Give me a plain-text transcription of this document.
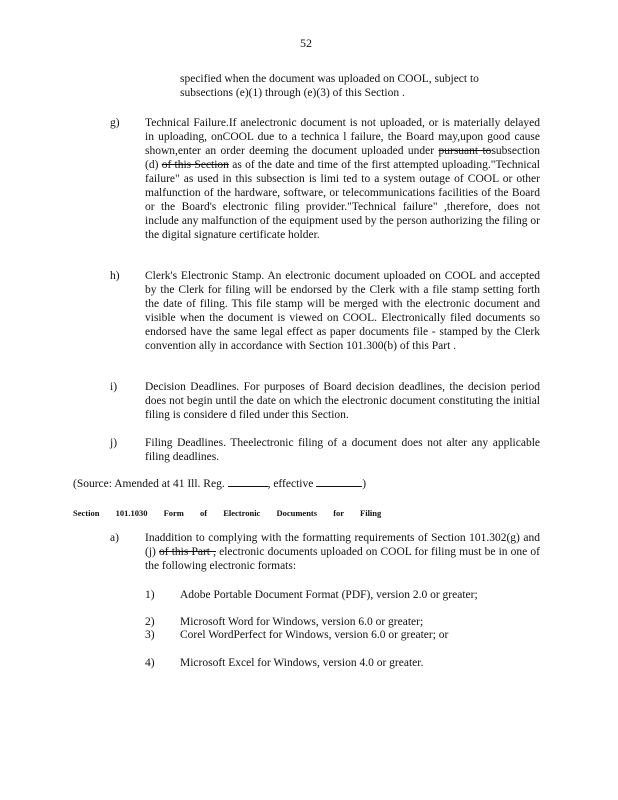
52
specified when the document was uploaded on COOL, subject to subsections (e)(1) through (e)(3) of this Section .
g) Technical Failure.If anelectronic document is not uploaded, or is materially delayed in uploading, onCOOL due to a technica l failure, the Board may,upon good cause shown,enter an order deeming the document uploaded under pursuant tosubsection (d) of this Section as of the date and time of the first attempted uploading."Technical failure" as used in this subsection is limi ted to a system outage of COOL or other malfunction of the hardware, software, or telecommunications facilities of the Board or the Board's electronic filing provider."Technical failure" ,therefore, does not include any malfunction of the equipment used by the person authorizing the filing or the digital signature certificate holder.
h) Clerk's Electronic Stamp. An electronic document uploaded on COOL and accepted by the Clerk for filing will be endorsed by the Clerk with a file stamp setting forth the date of filing. This file stamp will be merged with the electronic document and visible when the document is viewed on COOL. Electronically filed documents so endorsed have the same legal effect as paper documents file - stamped by the Clerk convention ally in accordance with Section 101.300(b) of this Part .
i) Decision Deadlines. For purposes of Board decision deadlines, the decision period does not begin until the date on which the electronic document constituting the initial filing is considere d filed under this Section.
j) Filing Deadlines. Theelectronic filing of a document does not alter any applicable filing deadlines.
(Source: Amended at 41 Ill. Reg.	, effective	)
Section 101.1030 Form of Electronic Documents for Filing
a) Inaddition to complying with the formatting requirements of Section 101.302(g) and (j) of this Part , electronic documents uploaded on COOL for filing must be in one of the following electronic formats:
1) Adobe Portable Document Format (PDF), version 2.0 or greater;
2) Microsoft Word for Windows, version 6.0 or greater;
3) Corel WordPerfect for Windows, version 6.0 or greater; or
4) Microsoft Excel for Windows, version 4.0 or greater.
